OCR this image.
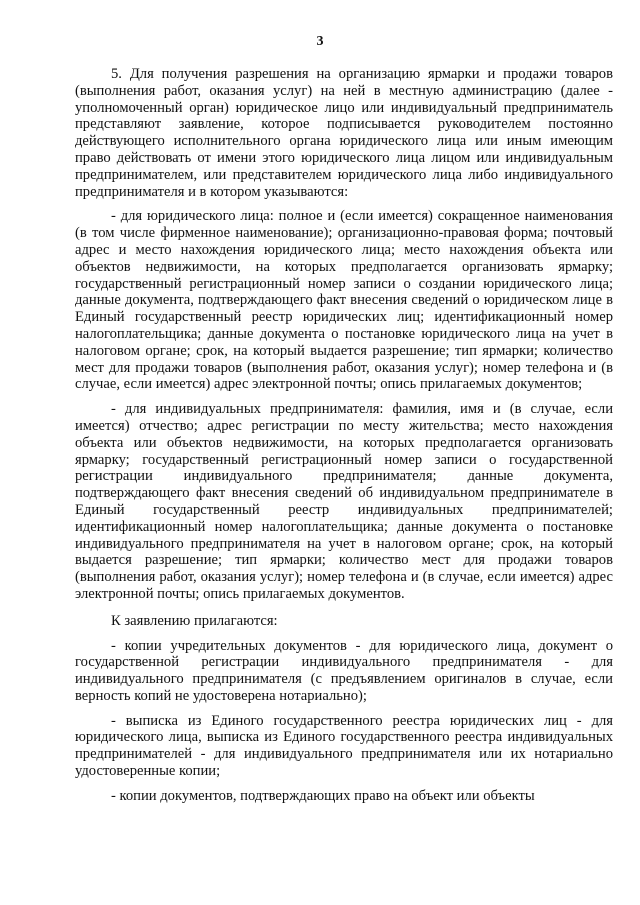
3

5. Для получения разрешения на организацию ярмарки и продажи товаров (выполнения работ, оказания услуг) на ней в местную администрацию (далее - уполномоченный орган) юридическое лицо или индивидуальный предприниматель представляют заявление, которое подписывается руководителем постоянно действующего исполнительного органа юридического лица или иным имеющим право действовать от имени этого юридического лица лицом или индивидуальным предпринимателем, или представителем юридического лица либо индивидуального предпринимателя и в котором указываются:

- для юридического лица: полное и (если имеется) сокращенное наименования (в том числе фирменное наименование); организационно-правовая форма; почтовый адрес и место нахождения юридического лица; место нахождения объекта или объектов недвижимости, на которых предполагается организовать ярмарку; государственный регистрационный номер записи о создании юридического лица; данные документа, подтверждающего факт внесения сведений о юридическом лице в Единый государственный реестр юридических лиц; идентификационный номер налогоплательщика; данные документа о постановке юридического лица на учет в налоговом органе; срок, на который выдается разрешение; тип ярмарки; количество мест для продажи товаров (выполнения работ, оказания услуг); номер телефона и (в случае, если имеется) адрес электронной почты; опись прилагаемых документов;

- для индивидуальных предпринимателя: фамилия, имя и (в случае, если имеется) отчество; адрес регистрации по месту жительства; место нахождения объекта или объектов недвижимости, на которых предполагается организовать ярмарку; государственный регистрационный номер записи о государственной регистрации индивидуального предпринимателя; данные документа, подтверждающего факт внесения сведений об индивидуальном предпринимателе в Единый государственный реестр индивидуальных предпринимателей; идентификационный номер налогоплательщика; данные документа о постановке индивидуального предпринимателя на учет в налоговом органе; срок, на который выдается разрешение; тип ярмарки; количество мест для продажи товаров (выполнения работ, оказания услуг); номер телефона и (в случае, если имеется) адрес электронной почты; опись прилагаемых документов.

К заявлению прилагаются:

- копии учредительных документов - для юридического лица, документ о государственной регистрации индивидуального предпринимателя - для индивидуального предпринимателя (с предъявлением оригиналов в случае, если верность копий не удостоверена нотариально);

- выписка из Единого государственного реестра юридических лиц - для юридического лица, выписка из Единого государственного реестра индивидуальных предпринимателей - для индивидуального предпринимателя или их нотариально удостоверенные копии;

- копии документов, подтверждающих право на объект или объекты
